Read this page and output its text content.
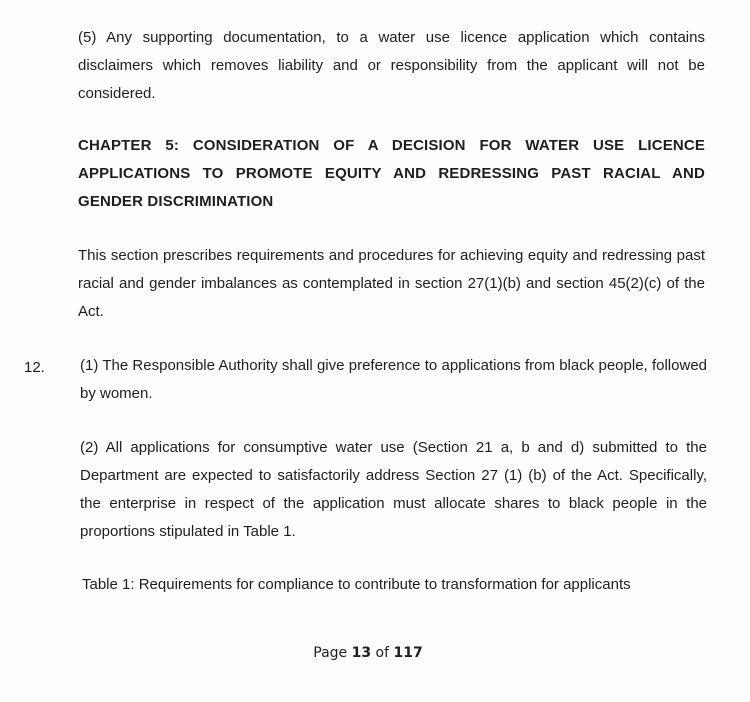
(5) Any supporting documentation, to a water use licence application which contains disclaimers which removes liability and or responsibility from the applicant will not be considered.

CHAPTER 5: CONSIDERATION OF A DECISION FOR WATER USE LICENCE APPLICATIONS TO PROMOTE EQUITY AND REDRESSING PAST RACIAL AND GENDER DISCRIMINATION

This section prescribes requirements and procedures for achieving equity and redressing past racial and gender imbalances as contemplated in section 27(1)(b) and section 45(2)(c) of the Act.

12. (1) The Responsible Authority shall give preference to applications from black people, followed by women.

(2) All applications for consumptive water use (Section 21 a, b and d) submitted to the Department are expected to satisfactorily address Section 27 (1) (b) of the Act. Specifically, the enterprise in respect of the application must allocate shares to black people in the proportions stipulated in Table 1.

Table 1: Requirements for compliance to contribute to transformation for applicants

Page 13 of 117
